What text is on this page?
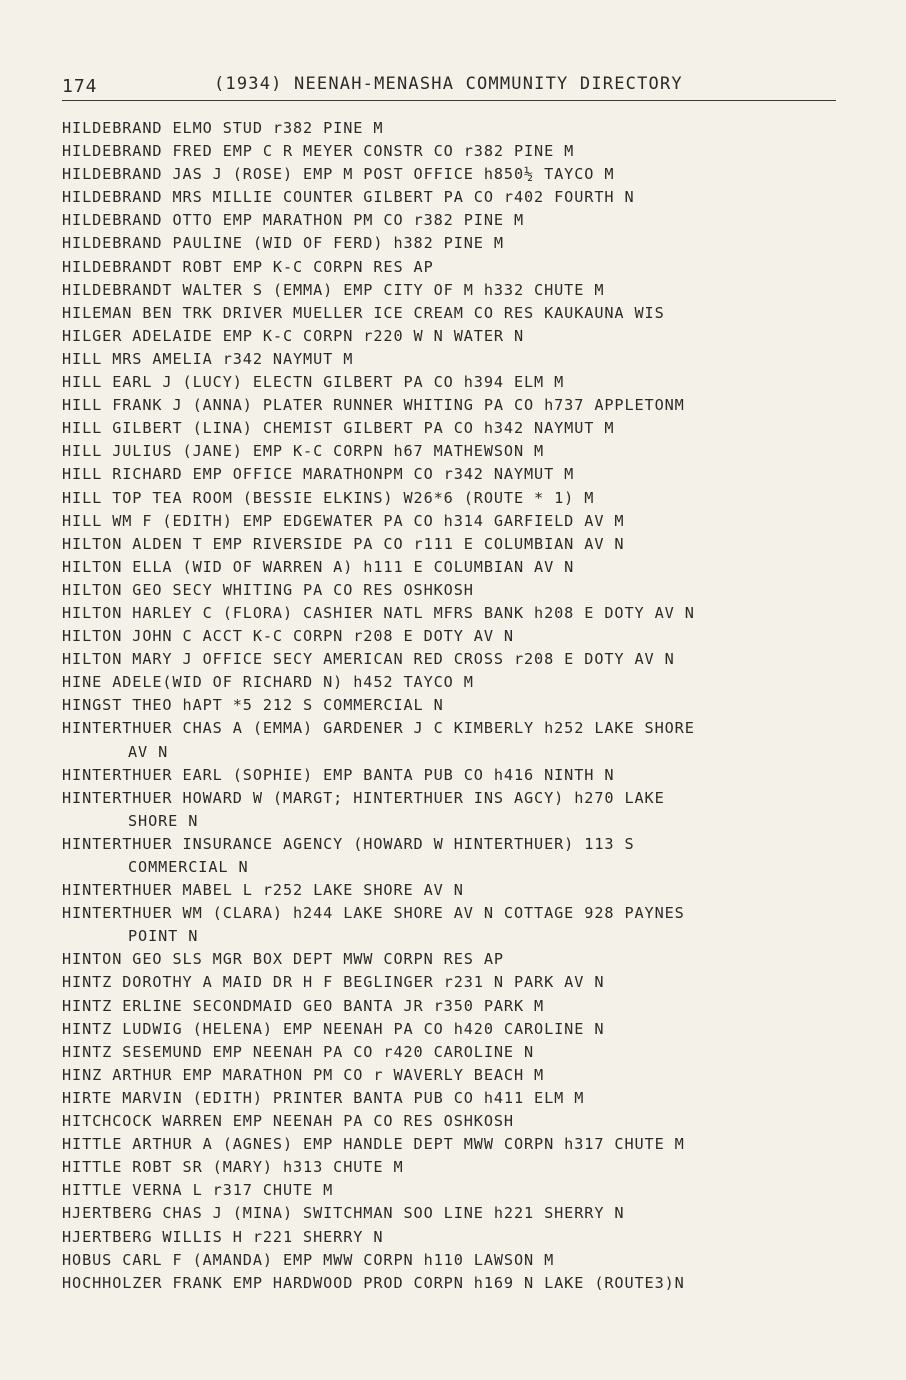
174	(1934) NEENAH-MENASHA COMMUNITY DIRECTORY
HILDEBRAND ELMO STUD r382 PINE M
HILDEBRAND FRED EMP C R MEYER CONSTR CO r382 PINE M
HILDEBRAND JAS J (ROSE) EMP M POST OFFICE h850½ TAYCO M
HILDEBRAND MRS MILLIE COUNTER GILBERT PA CO r402 FOURTH N
HILDEBRAND OTTO EMP MARATHON PM CO r382 PINE M
HILDEBRAND PAULINE (WID OF FERD) h382 PINE M
HILDEBRANDT ROBT EMP K-C CORPN RES AP
HILDEBRANDT WALTER S (EMMA) EMP CITY OF M h332 CHUTE M
HILEMAN BEN TRK DRIVER MUELLER ICE CREAM CO RES KAUKAUNA WIS
HILGER ADELAIDE EMP K-C CORPN r220 W N WATER N
HILL MRS AMELIA r342 NAYMUT M
HILL EARL J (LUCY) ELECTN GILBERT PA CO h394 ELM M
HILL FRANK J (ANNA) PLATER RUNNER WHITING PA CO h737 APPLETONM
HILL GILBERT (LINA) CHEMIST GILBERT PA CO h342 NAYMUT M
HILL JULIUS (JANE) EMP K-C CORPN h67 MATHEWSON M
HILL RICHARD EMP OFFICE MARATHONPM CO r342 NAYMUT M
HILL TOP TEA ROOM (BESSIE ELKINS) W26*6 (ROUTE * 1) M
HILL WM F (EDITH) EMP EDGEWATER PA CO h314 GARFIELD AV M
HILTON ALDEN T EMP RIVERSIDE PA CO r111 E COLUMBIAN AV N
HILTON ELLA (WID OF WARREN A) h111 E COLUMBIAN AV N
HILTON GEO SECY WHITING PA CO RES OSHKOSH
HILTON HARLEY C (FLORA) CASHIER NATL MFRS BANK h208 E DOTY AV N
HILTON JOHN C ACCT K-C CORPN r208 E DOTY AV N
HILTON MARY J OFFICE SECY AMERICAN RED CROSS r208 E DOTY AV N
HINE ADELE(WID OF RICHARD N) h452 TAYCO M
HINGST THEO hAPT *5 212 S COMMERCIAL N
HINTERTHUER CHAS A (EMMA) GARDENER J C KIMBERLY h252 LAKE SHORE
AV N
HINTERTHUER EARL (SOPHIE) EMP BANTA PUB CO h416 NINTH N
HINTERTHUER HOWARD W (MARGT; HINTERTHUER INS AGCY) h270 LAKE
SHORE N
HINTERTHUER INSURANCE AGENCY (HOWARD W HINTERTHUER) 113 S
COMMERCIAL N
HINTERTHUER MABEL L r252 LAKE SHORE AV N
HINTERTHUER WM (CLARA) h244 LAKE SHORE AV N COTTAGE 928 PAYNES
POINT N
HINTON GEO SLS MGR BOX DEPT MWW CORPN RES AP
HINTZ DOROTHY A MAID DR H F BEGLINGER r231 N PARK AV N
HINTZ ERLINE SECONDMAID GEO BANTA JR r350 PARK M
HINTZ LUDWIG (HELENA) EMP NEENAH PA CO h420 CAROLINE N
HINTZ SESEMUND EMP NEENAH PA CO r420 CAROLINE N
HINZ ARTHUR EMP MARATHON PM CO r WAVERLY BEACH M
HIRTE MARVIN (EDITH) PRINTER BANTA PUB CO h411 ELM M
HITCHCOCK WARREN EMP NEENAH PA CO RES OSHKOSH
HITTLE ARTHUR A (AGNES) EMP HANDLE DEPT MWW CORPN h317 CHUTE M
HITTLE ROBT SR (MARY) h313 CHUTE M
HITTLE VERNA L r317 CHUTE M
HJERTBERG CHAS J (MINA) SWITCHMAN SOO LINE h221 SHERRY N
HJERTBERG WILLIS H r221 SHERRY N
HOBUS CARL F (AMANDA) EMP MWW CORPN h110 LAWSON M
HOCHHOLZER FRANK EMP HARDWOOD PROD CORPN h169 N LAKE (ROUTE3)N
